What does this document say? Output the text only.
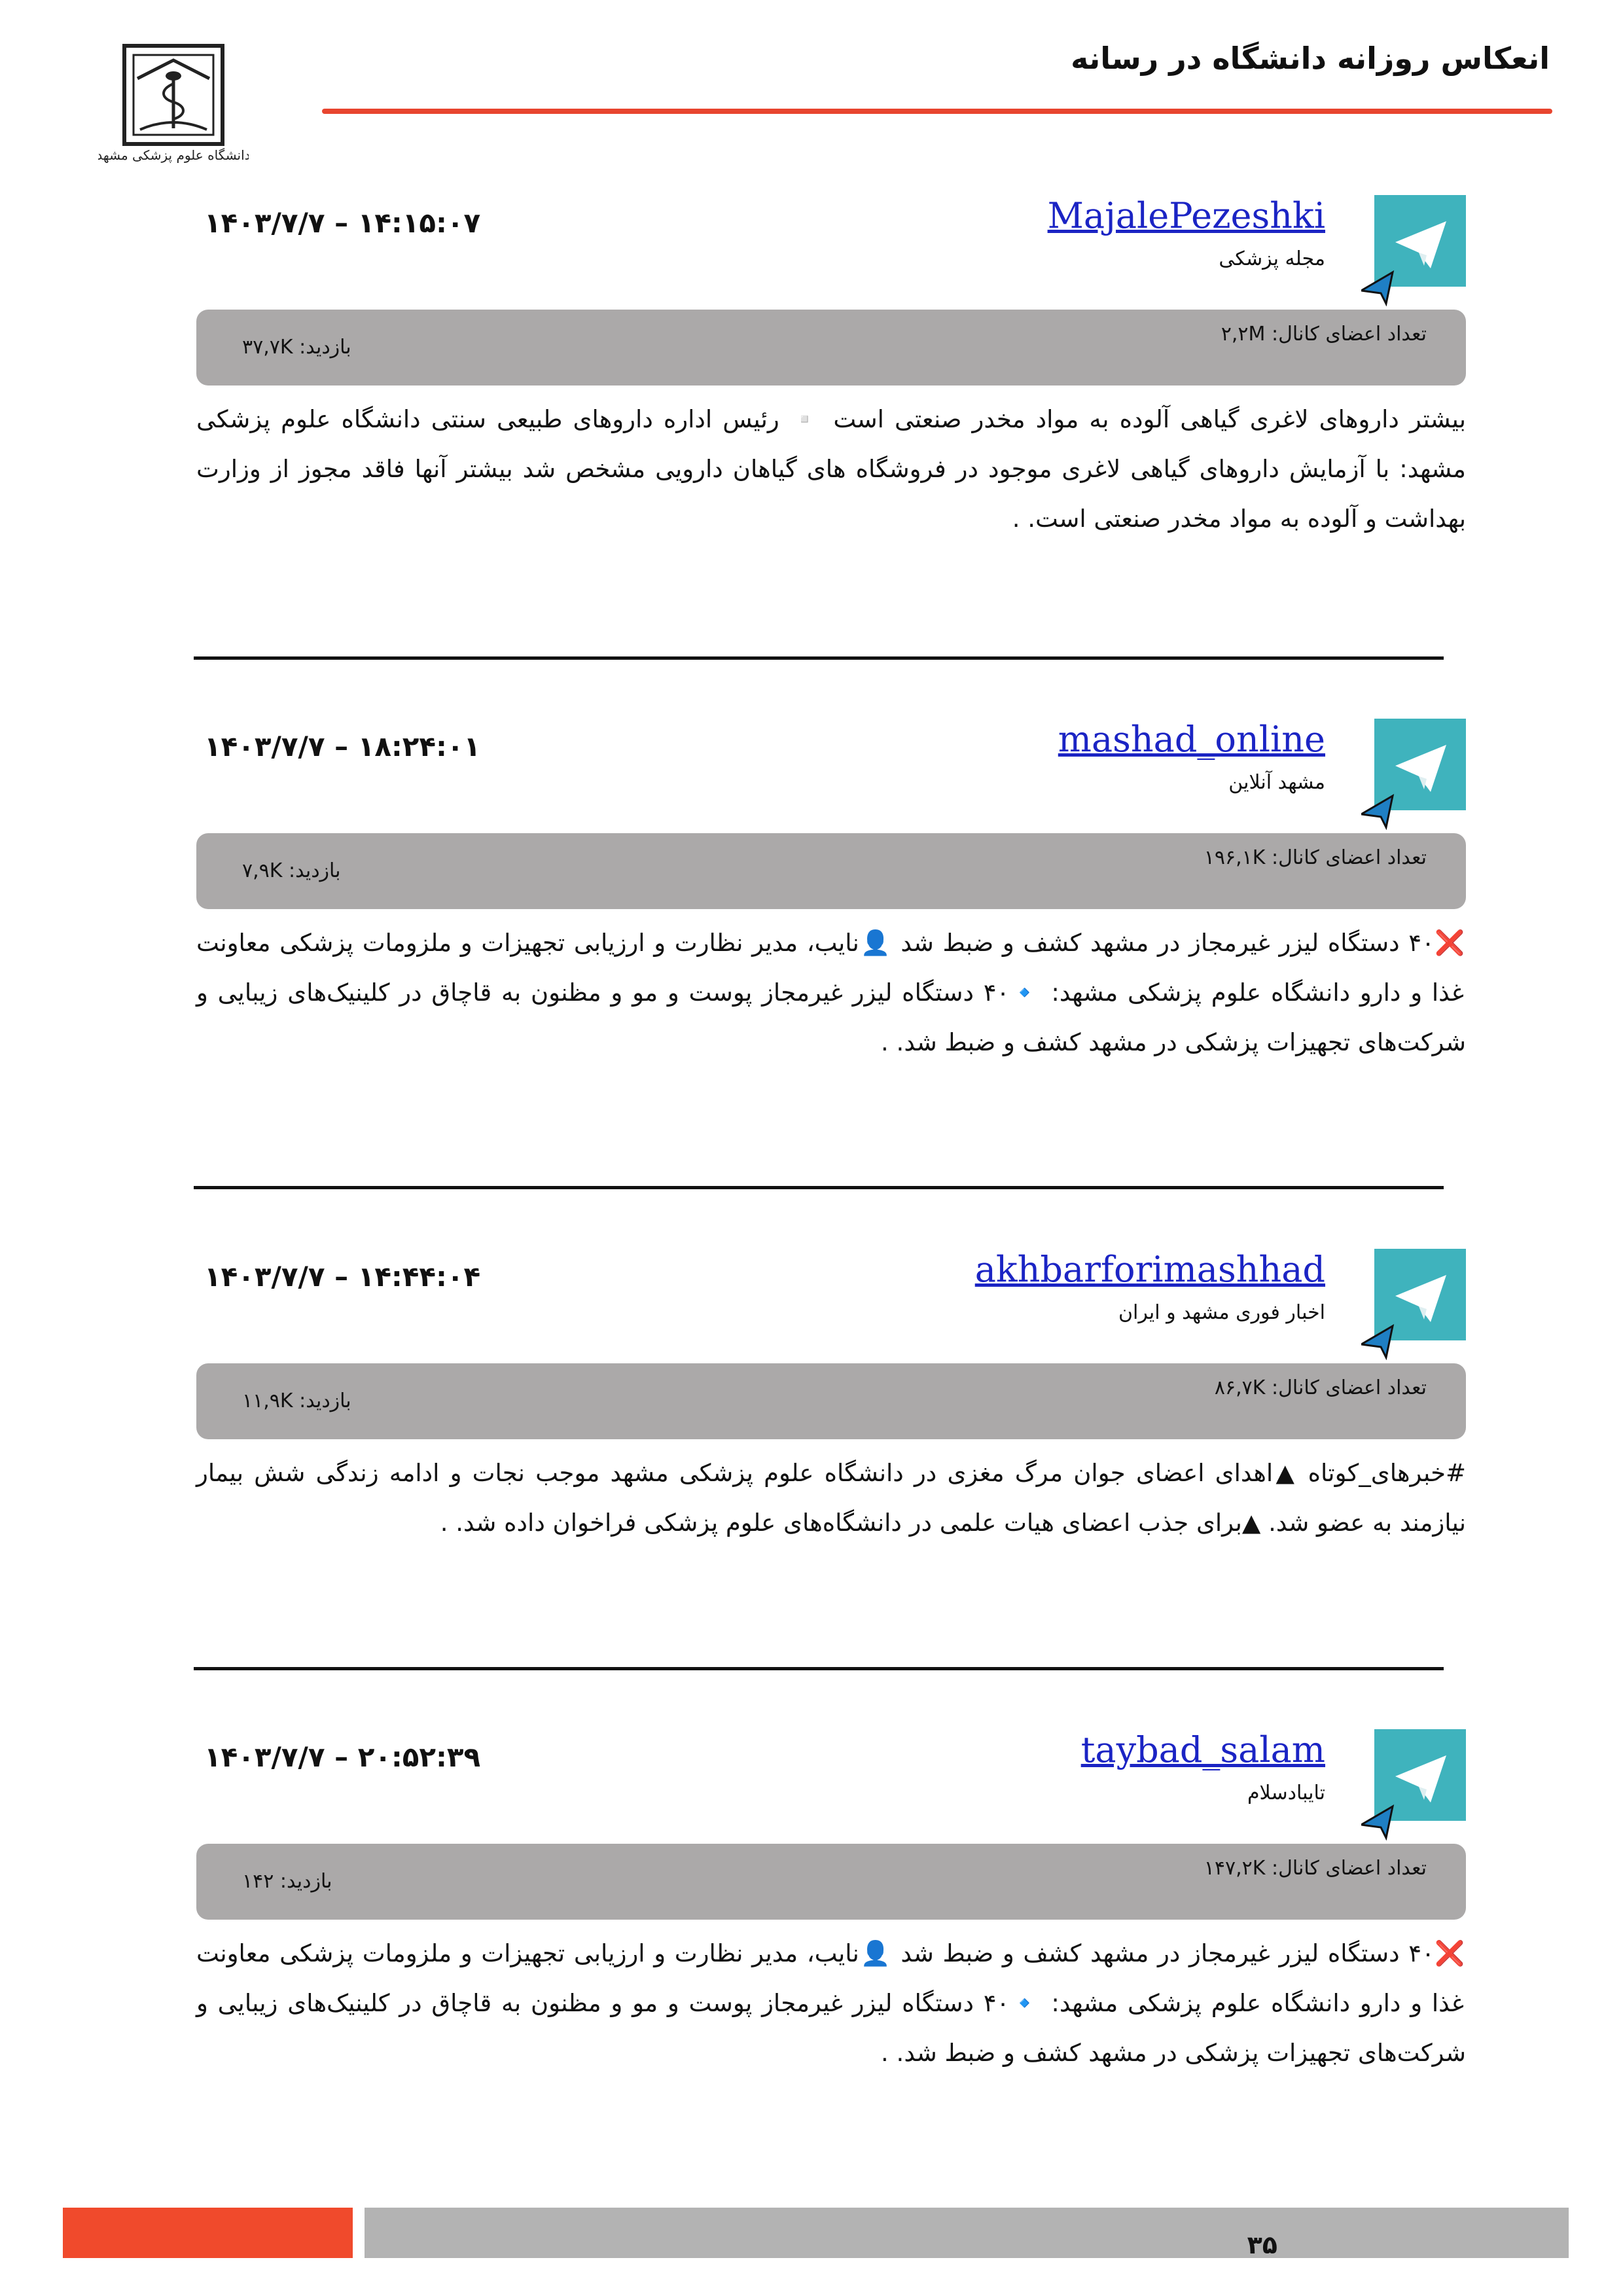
دانشگاه علوم پزشکی مشهد
انعکاس روزانه دانشگاه در رسانه
MajalePezeshki
مجله پزشکی
۱۴۰۳/۷/۷ – ۱۴:۱۵:۰۷
تعداد اعضای کانال: ۲,۲M
بازدید: ۳۷,۷K
بیشتر داروهای لاغری گیاهی آلوده به مواد مخدر صنعتی است ▫️ رئیس اداره داروهای طبیعی سنتی دانشگاه علوم پزشکی مشهد: با آزمایش داروهای گیاهی لاغری موجود در فروشگاه های گیاهان دارویی مشخص شد بیشتر آنها فاقد مجوز از وزارت بهداشت و آلوده به مواد مخدر صنعتی است. .
mashad_online
مشهد آنلاین
۱۴۰۳/۷/۷ – ۱۸:۲۴:۰۱
تعداد اعضای کانال: ۱۹۶,۱K
بازدید: ۷,۹K
❌۴۰ دستگاه لیزر غیرمجاز در مشهد کشف و ضبط شد 👤نایب، مدیر نظارت و ارزیابی تجهیزات و ملزومات پزشکی معاونت غذا و دارو دانشگاه علوم پزشکی مشهد: 🔹۴۰ دستگاه لیزر غیرمجاز پوست و مو و مظنون به قاچاق در کلینیک‌های زیبایی و شرکت‌های تجهیزات پزشکی در مشهد کشف و ضبط شد. .
akhbarforimashhad
اخبار فوری مشهد و ایران
۱۴۰۳/۷/۷ – ۱۴:۴۴:۰۴
تعداد اعضای کانال: ۸۶,۷K
بازدید: ۱۱,۹K
#خبرهای_کوتاه ▲اهدای اعضای جوان مرگ مغزی در دانشگاه علوم پزشکی مشهد موجب نجات و ادامه زندگی شش بیمار نیازمند به عضو شد. ▲برای جذب اعضای هیات علمی در دانشگاه‌های علوم پزشکی فراخوان داده شد. .
taybad_salam
تایبادسلام
۱۴۰۳/۷/۷ – ۲۰:۵۲:۳۹
تعداد اعضای کانال: ۱۴۷,۲K
بازدید: ۱۴۲
❌۴۰ دستگاه لیزر غیرمجاز در مشهد کشف و ضبط شد 👤نایب، مدیر نظارت و ارزیابی تجهیزات و ملزومات پزشکی معاونت غذا و دارو دانشگاه علوم پزشکی مشهد: 🔹۴۰ دستگاه لیزر غیرمجاز پوست و مو و مظنون به قاچاق در کلینیک‌های زیبایی و شرکت‌های تجهیزات پزشکی در مشهد کشف و ضبط شد. .
۳۵
